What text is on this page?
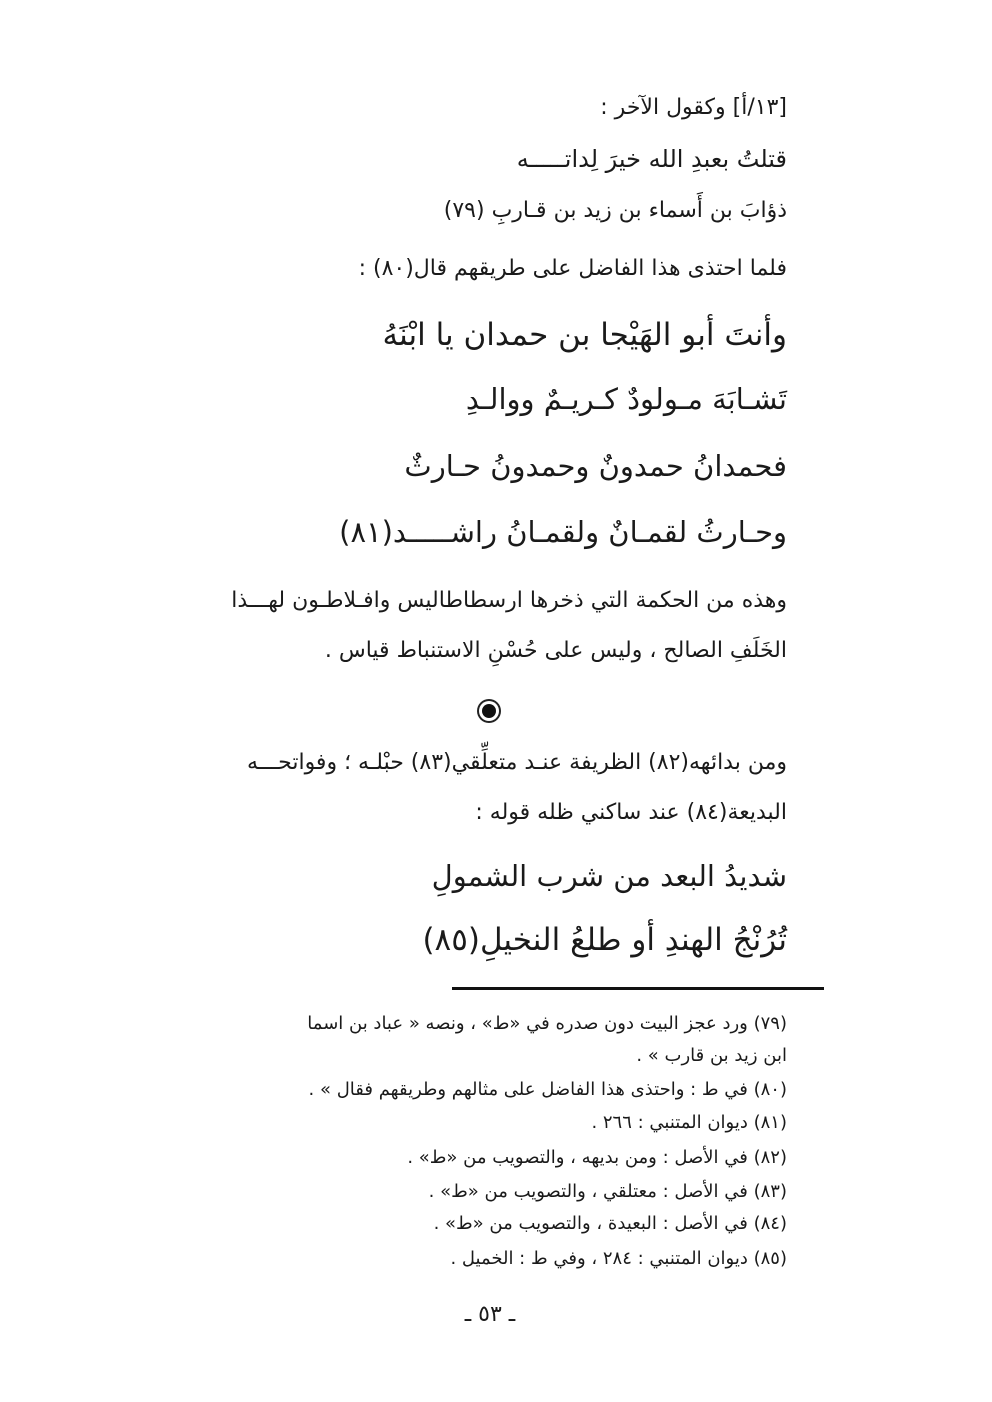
[١٣/أ] وكقول الآخر :
قتلتُ بعبدِ الله خيرَ لِداتـــــه
ذؤابَ بن أَسماء بن زيد بن قـاربِ (٧٩)
فلما احتذى هذا الفاضل على طريقهم قال(٨٠) :
وأنتَ أبو الهَيْجا بن حمدان يا ابْنَهُ
تَشـابَهَ مـولودٌ كـريـمٌ ووالـدِ
فحمدانُ حمدونٌ وحمدونُ حـارثٌ
وحـارثُ لقمـانٌ ولقمـانُ راشـــــد(٨١)
وهذه من الحكمة التي ذخرها ارسطاطاليس وافـلاطـون لهـــذا
الخَلَفِ الصالح ، وليس على حُسْنِ الاستنباط قياس .
ومن بدائهه(٨٢) الظريفة عنـد متعلِّقي(٨٣) حبْلـه ؛ وفواتحـــه
البديعة(٨٤) عند ساكني ظله قوله :
شديدُ البعد من شرب الشمولِ
تُرُنْجُ الهندِ أو طلعُ النخيلِ(٨٥)
(٧٩) ورد عجز البيت دون صدره في «ط» ، ونصه « عباد بن اسما
ابن زيد بن قارب » .
(٨٠) في ط : واحتذى هذا الفاضل على مثالهم وطريقهم فقال » .
(٨١) ديوان المتنبي : ٢٦٦ .
(٨٢) في الأصل : ومن بديهه ، والتصويب من «ط» .
(٨٣) في الأصل : معتلقي ، والتصويب من «ط» .
(٨٤) في الأصل : البعيدة ، والتصويب من «ط» .
(٨٥) ديوان المتنبي : ٢٨٤ ، وفي ط : الخميل .
ـ ٥٣ ـ
